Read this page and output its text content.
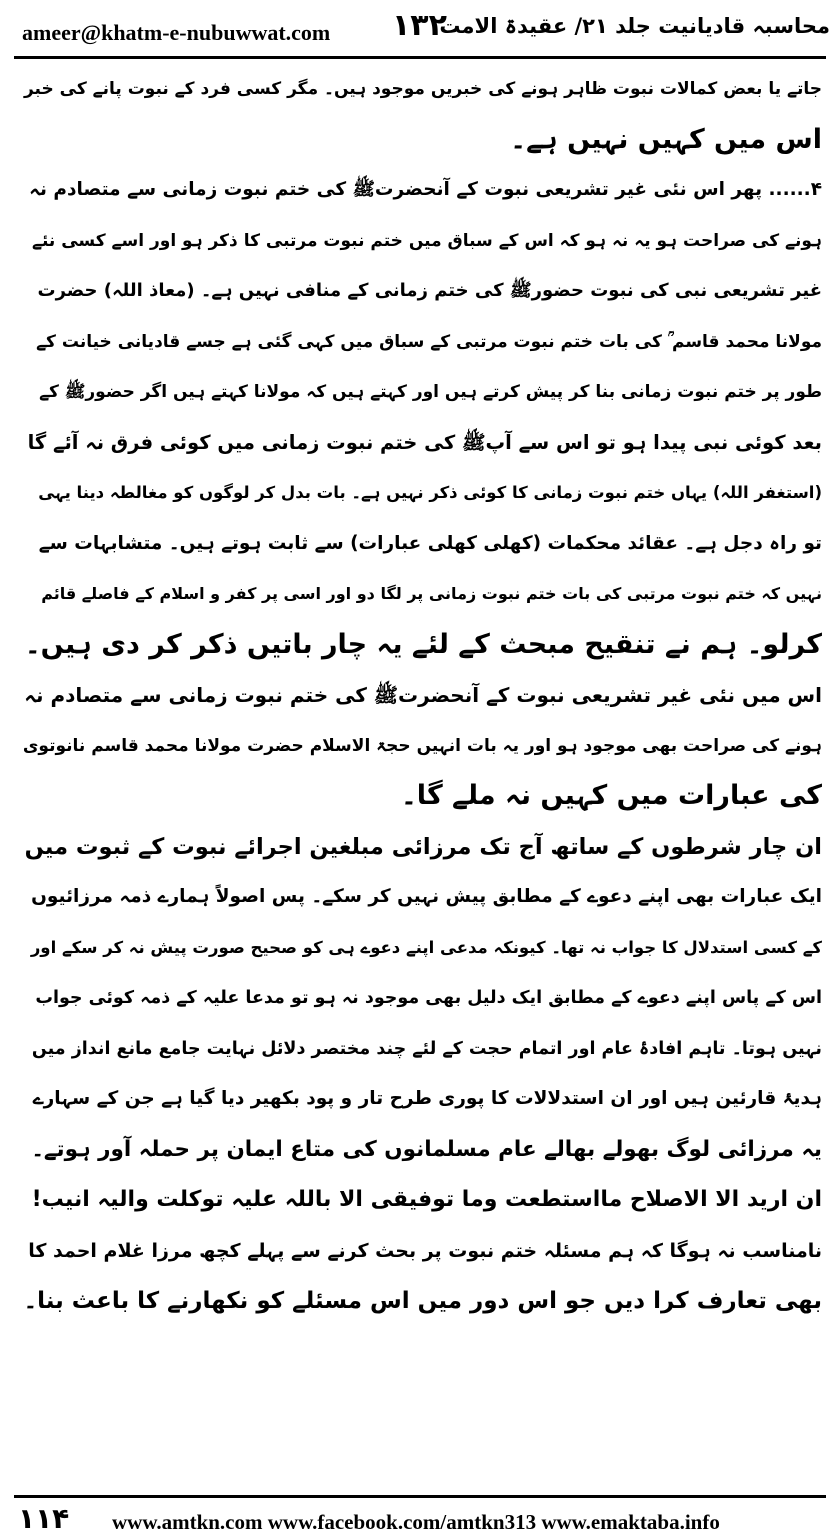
ameer@khatm-e-nubuwwat.com ۱۳۲
محاسبہ قادیانیت جلد ۲۱/ عقیدۃ الامت
جاتے یا بعض کمالات نبوت ظاہر ہونے کی خبریں موجود ہیں۔ مگر کسی فرد کے نبوت پانے کی خبر
اس میں کہیں نہیں ہے۔
۴...... پھر اس نئی غیر تشریعی نبوت کے آنحضرتﷺ کی ختم نبوت زمانی سے متصادم نہ
ہونے کی صراحت ہو یہ نہ ہو کہ اس کے سباق میں ختم نبوت مرتبی کا ذکر ہو اور اسے کسی نئے
غیر تشریعی نبی کی نبوت حضورﷺ کی ختم زمانی کے منافی نہیں ہے۔ (معاذ اللہ) حضرت
مولانا محمد قاسم ؒ کی بات ختم نبوت مرتبی کے سباق میں کہی گئی ہے جسے قادیانی خیانت کے
طور پر ختم نبوت زمانی بنا کر پیش کرتے ہیں اور کہتے ہیں کہ مولانا کہتے ہیں اگر حضورﷺ کے
بعد کوئی نبی پیدا ہو تو اس سے آپﷺ کی ختم نبوت زمانی میں کوئی فرق نہ آئے گا
(استغفر اللہ) یہاں ختم نبوت زمانی کا کوئی ذکر نہیں ہے۔ بات بدل کر لوگوں کو مغالطہ دینا یہی
تو راہ دجل ہے۔ عقائد محکمات (کھلی کھلی عبارات) سے ثابت ہوتے ہیں۔ متشابہات سے
نہیں کہ ختم نبوت مرتبی کی بات ختم نبوت زمانی پر لگا دو اور اسی پر کفر و اسلام کے فاصلے قائم
کرلو۔ ہم نے تنقیح مبحث کے لئے یہ چار باتیں ذکر کر دی ہیں۔
اس میں نئی غیر تشریعی نبوت کے آنحضرتﷺ کی ختم نبوت زمانی سے متصادم نہ
ہونے کی صراحت بھی موجود ہو اور یہ بات انہیں حجۃ الاسلام حضرت مولانا محمد قاسم نانوتوی
کی عبارات میں کہیں نہ ملے گا۔
ان چار شرطوں کے ساتھ آج تک مرزائی مبلغین اجرائے نبوت کے ثبوت میں
ایک عبارات بھی اپنے دعوے کے مطابق پیش نہیں کر سکے۔ پس اصولاً ہمارے ذمہ مرزائیوں
کے کسی استدلال کا جواب نہ تھا۔ کیونکہ مدعی اپنے دعوے ہی کو صحیح صورت پیش نہ کر سکے اور
اس کے پاس اپنے دعوے کے مطابق ایک دلیل بھی موجود نہ ہو تو مدعا علیہ کے ذمہ کوئی جواب
نہیں ہوتا۔ تاہم افادۂ عام اور اتمام حجت کے لئے چند مختصر دلائل نہایت جامع مانع انداز میں
ہدیۂ قارئین ہیں اور ان استدلالات کا پوری طرح تار و پود بکھیر دیا گیا ہے جن کے سہارے
یہ مرزائی لوگ بھولے بھالے عام مسلمانوں کی متاع ایمان پر حملہ آور ہوتے۔
ان ارید الا الاصلاح مااستطعت وما توفیقی الا باللہ علیہ توکلت والیہ انیب!
نامناسب نہ ہوگا کہ ہم مسئلہ ختم نبوت پر بحث کرنے سے پہلے کچھ مرزا غلام احمد کا
بھی تعارف کرا دیں جو اس دور میں اس مسئلے کو نکھارنے کا باعث بنا۔
۱۱۴ www.amtkn.com www.facebook.com/amtkn313 www.emaktaba.info
